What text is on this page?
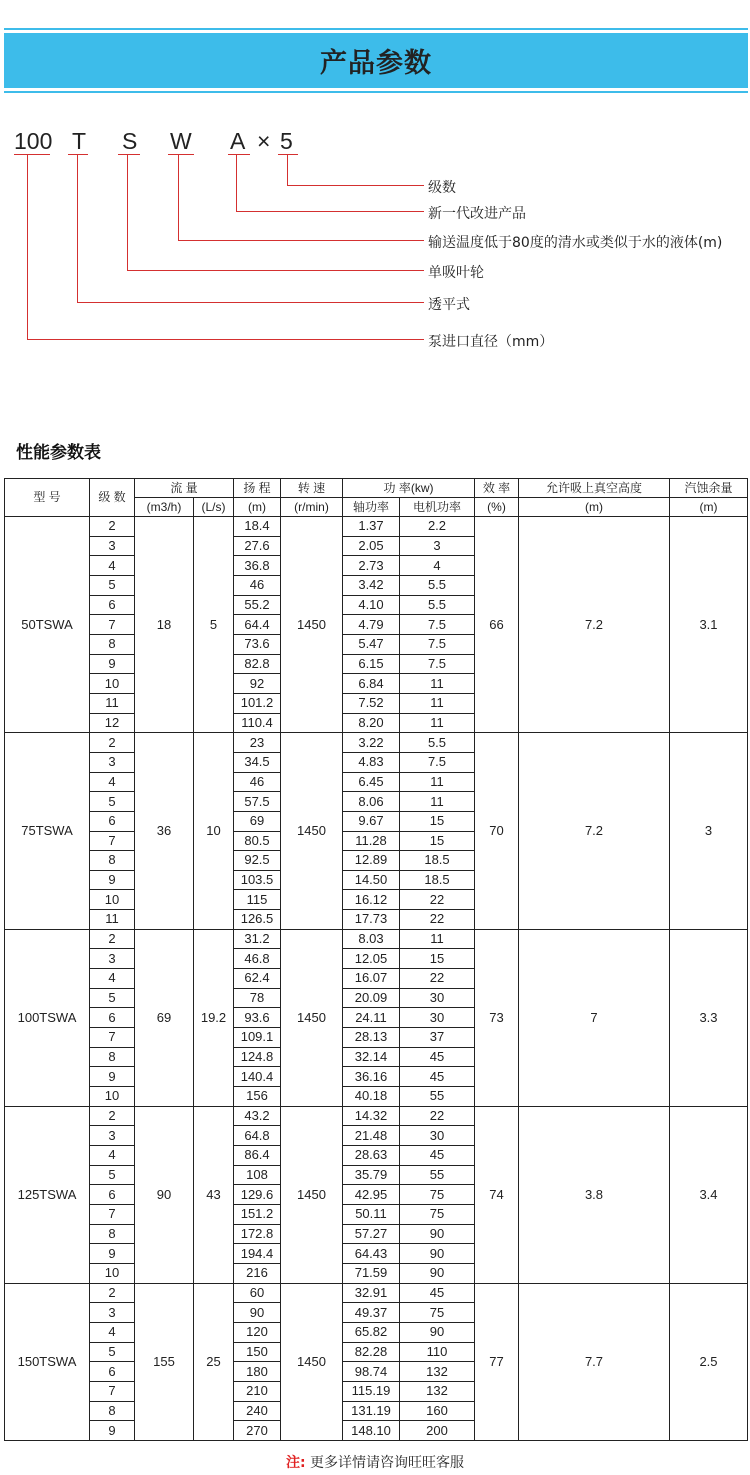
产品参数
100 T S W A × 5
级数
新一代改进产品
输送温度低于80度的清水或类似于水的液体(m)
单吸叶轮
透平式
泵进口直径（mm）
性能参数表
型 号	级 数	流 量		扬 程	转 速	功 率(kw)		效 率	允许吸上真空高度	汽蚀余量
		(m3/h)	(L/s)	(m)	(r/min)	轴功率	电机功率	(%)	(m)	(m)
50TSWA	2	18	5	18.4	1450	1.37	2.2	66	7.2	3.1
	3			27.6		2.05	3			
	4			36.8		2.73	4			
	5			46		3.42	5.5			
	6			55.2		4.10	5.5			
	7			64.4		4.79	7.5			
	8			73.6		5.47	7.5			
	9			82.8		6.15	7.5			
	10			92		6.84	11			
	11			101.2		7.52	11			
	12			110.4		8.20	11			
75TSWA	2	36	10	23	1450	3.22	5.5	70	7.2	3
	3			34.5		4.83	7.5			
	4			46		6.45	11			
	5			57.5		8.06	11			
	6			69		9.67	15			
	7			80.5		11.28	15			
	8			92.5		12.89	18.5			
	9			103.5		14.50	18.5			
	10			115		16.12	22			
	11			126.5		17.73	22			
100TSWA	2	69	19.2	31.2	1450	8.03	11	73	7	3.3
	3			46.8		12.05	15			
	4			62.4		16.07	22			
	5			78		20.09	30			
	6			93.6		24.11	30			
	7			109.1		28.13	37			
	8			124.8		32.14	45			
	9			140.4		36.16	45			
	10			156		40.18	55			
125TSWA	2	90	43	43.2	1450	14.32	22	74	3.8	3.4
	3			64.8		21.48	30			
	4			86.4		28.63	45			
	5			108		35.79	55			
	6			129.6		42.95	75			
	7			151.2		50.11	75			
	8			172.8		57.27	90			
	9			194.4		64.43	90			
	10			216		71.59	90			
150TSWA	2	155	25	60	1450	32.91	45	77	7.7	2.5
	3			90		49.37	75			
	4			120		65.82	90			
	5			150		82.28	110			
	6			180		98.74	132			
	7			210		115.19	132			
	8			240		131.19	160			
	9			270		148.10	200			
注: 更多详情请咨询旺旺客服
